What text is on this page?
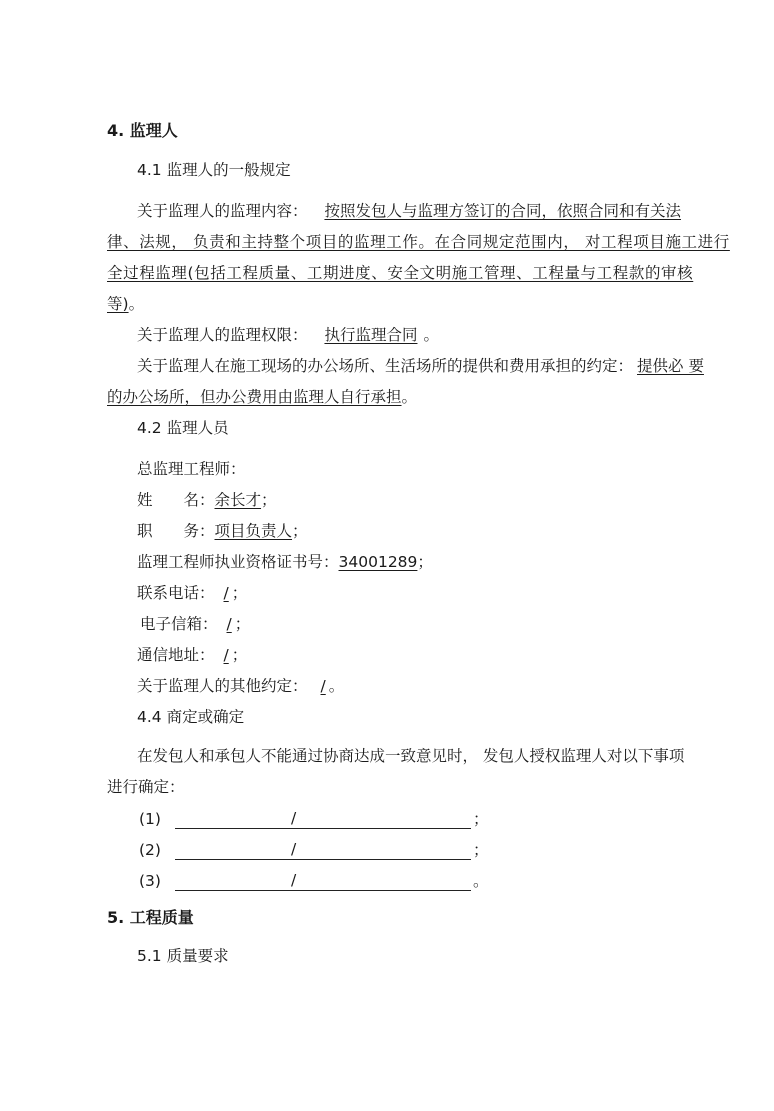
4. 监理人
4.1 监理人的一般规定
关于监理人的监理内容： 按照发包人与监理方签订的合同，依照合同和有关法
律、法规， 负责和主持整个项目的监理工作。在合同规定范围内， 对工程项目施工进行
全过程监理(包括工程质量、工期进度、安全文明施工管理、工程量与工程款的审核
等)。
关于监理人的监理权限： 执行监理合同 。
关于监理人在施工现场的办公场所、生活场所的提供和费用承担的约定： 提供必 要
的办公场所，但办公费用由监理人自行承担。
4.2 监理人员
总监理工程师：
姓　　名：余长才；
职　　务：项目负责人；
监理工程师执业资格证书号：34001289；
联系电话： / ；
电子信箱： / ；
通信地址： / ；
关于监理人的其他约定： / 。
4.4 商定或确定
在发包人和承包人不能通过协商达成一致意见时， 发包人授权监理人对以下事项
进行确定：
(1)	/	；
(2)	/	；
(3)	/	。
5. 工程质量
5.1 质量要求
